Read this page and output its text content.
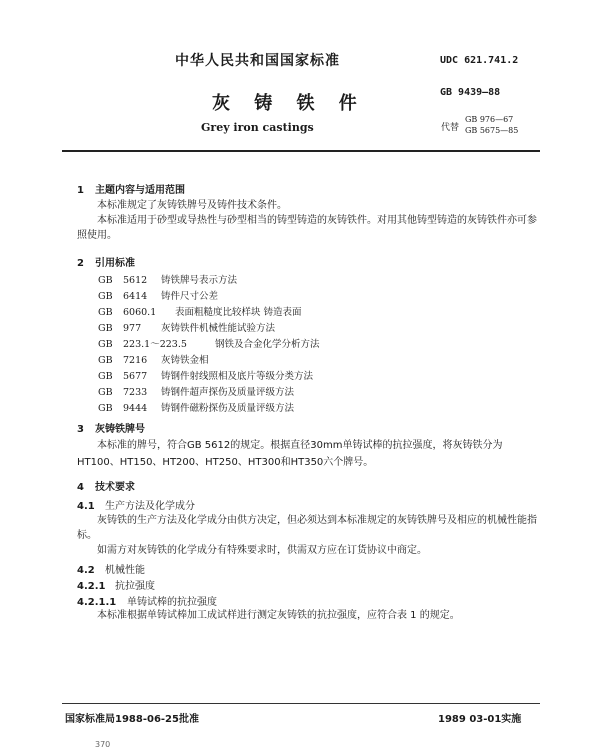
中华人民共和国国家标准	UDC 621.741.2
灰 铸 铁 件
GB 9439—88
Grey iron castings	代替
GB 976—67
GB 5675—85
1 主题内容与适用范围
本标准规定了灰铸铁牌号及铸件技术条件。
本标准适用于砂型或导热性与砂型相当的铸型铸造的灰铸铁件。对用其他铸型铸造的灰铸铁件亦可参照使用。
2 引用标准
GB	5612	铸铁牌号表示方法
GB	6414	铸件尺寸公差
GB	6060.1	表面粗糙度比较样块 铸造表面
GB	977	灰铸铁件机械性能试验方法
GB	223.1～223.5	钢铁及合金化学分析方法
GB	7216	灰铸铁金相
GB	5677	铸钢件射线照相及底片等级分类方法
GB	7233	铸钢件超声探伤及质量评级方法
GB	9444	铸钢件磁粉探伤及质量评级方法
3 灰铸铁牌号
本标准的牌号，符合GB 5612的规定。根据直径30mm单铸试棒的抗拉强度，将灰铸铁分为HT100、HT150、HT200、HT250、HT300和HT350六个牌号。
4 技术要求
4.1 生产方法及化学成分
灰铸铁的生产方法及化学成分由供方决定，但必须达到本标准规定的灰铸铁牌号及相应的机械性能指标。
如需方对灰铸铁的化学成分有特殊要求时，供需双方应在订货协议中商定。
4.2 机械性能
4.2.1 抗拉强度
4.2.1.1 单铸试棒的抗拉强度
本标准根据单铸试棒加工成试样进行测定灰铸铁的抗拉强度，应符合表 1 的规定。
国家标准局1988-06-25批准	1989 03-01实施
370
